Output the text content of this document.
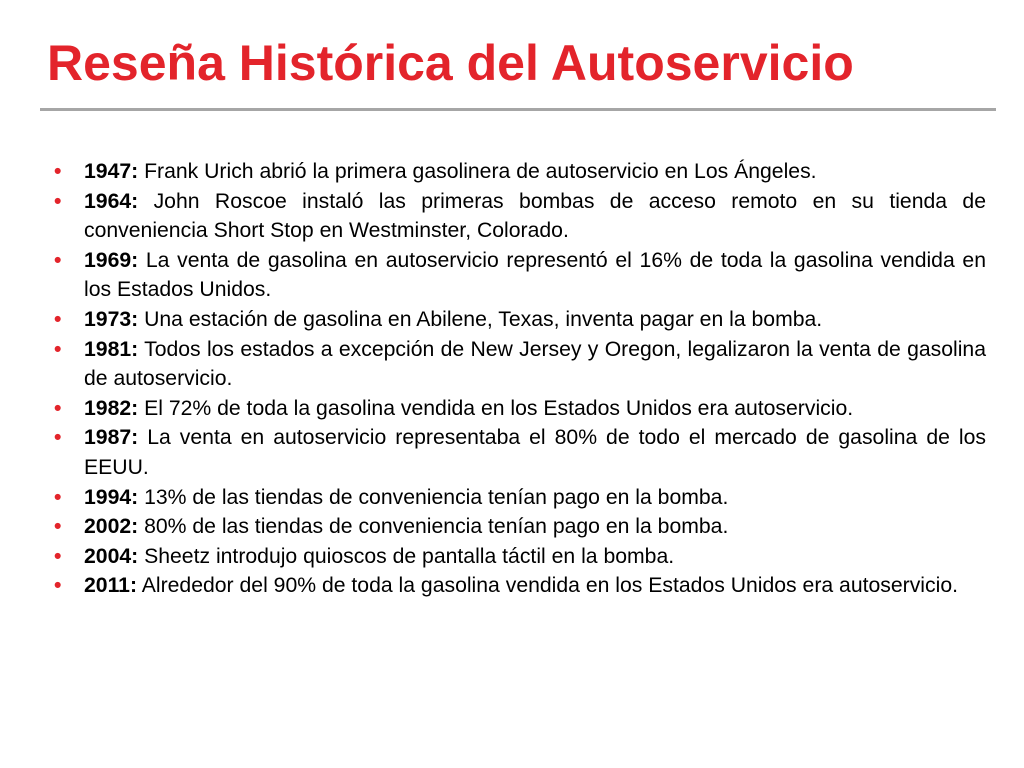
Reseña Histórica del Autoservicio
• 1947: Frank Urich abrió la primera gasolinera de autoservicio en Los Ángeles.
• 1964: John Roscoe instaló las primeras bombas de acceso remoto en su tienda de conveniencia Short Stop en Westminster, Colorado.
• 1969: La venta de gasolina en autoservicio representó el 16% de toda la gasolina vendida en los Estados Unidos.
• 1973: Una estación de gasolina en Abilene, Texas, inventa pagar en la bomba.
• 1981: Todos los estados a excepción de New Jersey y Oregon, legalizaron la venta de gasolina de autoservicio.
• 1982: El 72% de toda la gasolina vendida en los Estados Unidos era autoservicio.
• 1987: La venta en autoservicio representaba el 80% de todo el mercado de gasolina de los EEUU.
• 1994: 13% de las tiendas de conveniencia tenían pago en la bomba.
• 2002: 80% de las tiendas de conveniencia tenían pago en la bomba.
• 2004: Sheetz introdujo quioscos de pantalla táctil en la bomba.
• 2011: Alrededor del 90% de toda la gasolina vendida en los Estados Unidos era autoservicio.
